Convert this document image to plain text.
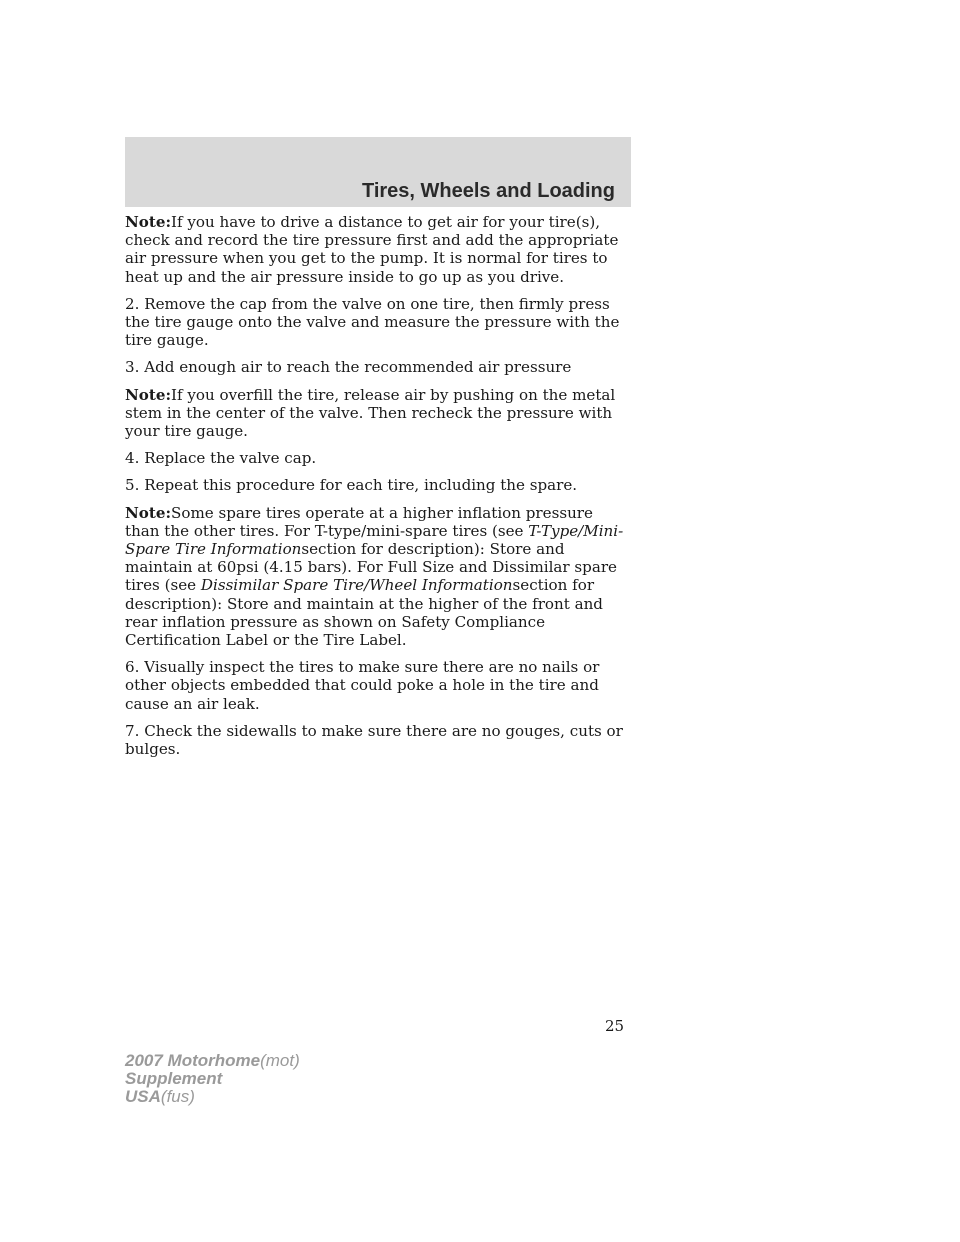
Tires, Wheels and Loading

Note:If you have to drive a distance to get air for your tire(s), check and record the tire pressure first and add the appropriate air pressure when you get to the pump. It is normal for tires to heat up and the air pressure inside to go up as you drive.

2. Remove the cap from the valve on one tire, then firmly press the tire gauge onto the valve and measure the pressure with the tire gauge.

3. Add enough air to reach the recommended air pressure

Note:If you overfill the tire, release air by pushing on the metal stem in the center of the valve. Then recheck the pressure with your tire gauge.

4. Replace the valve cap.

5. Repeat this procedure for each tire, including the spare.

Note:Some spare tires operate at a higher inflation pressure than the other tires. For T-type/mini-spare tires (see T-Type/Mini-Spare Tire Informationsection for description): Store and maintain at 60psi (4.15 bars). For Full Size and Dissimilar spare tires (see Dissimilar Spare Tire/Wheel Informationsection for description): Store and maintain at the higher of the front and rear inflation pressure as shown on Safety Compliance Certification Label or the Tire Label.

6. Visually inspect the tires to make sure there are no nails or other objects embedded that could poke a hole in the tire and cause an air leak.

7. Check the sidewalls to make sure there are no gouges, cuts or bulges.

25
2007 Motorhome(mot)
Supplement
USA(fus)
